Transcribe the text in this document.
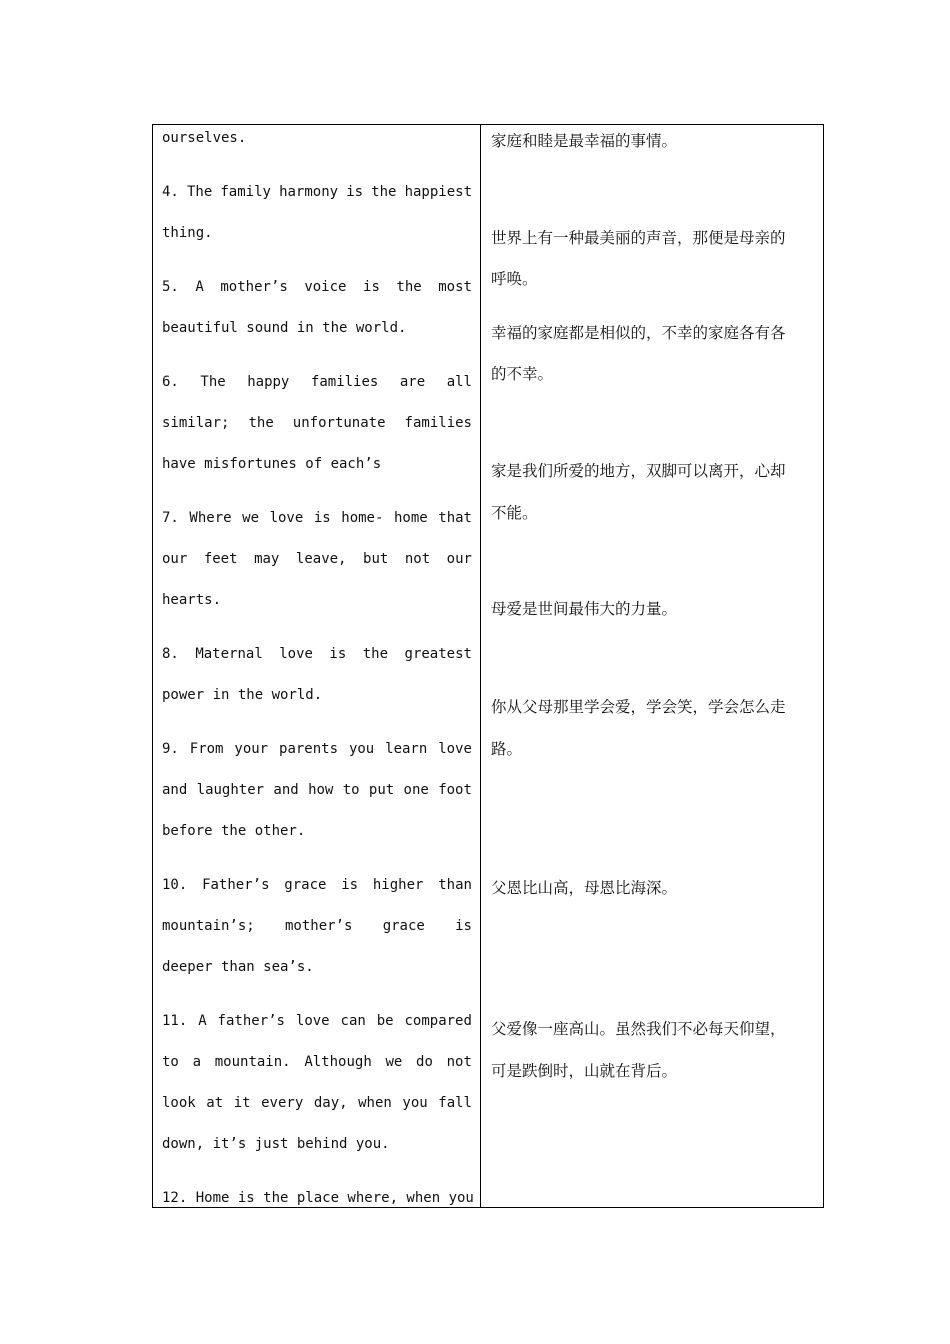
ourselves.
4. The family harmony is the happiest
thing.
5. A mother’s voice is the most
beautiful sound in the world.
6. The happy families are all
similar; the unfortunate families
have misfortunes of each’s
7. Where we love is home- home that
our feet may leave, but not our
hearts.
8. Maternal love is the greatest
power in the world.
9. From your parents you learn love
and laughter and how to put one foot
before the other.
10. Father’s grace is higher than
mountain’s; mother’s grace is
deeper than sea’s.
11. A father’s love can be compared
to a mountain. Although we do not
look at it every day, when you fall
down, it’s just behind you.
12. Home is the place where, when you
家庭和睦是最幸福的事情。
世界上有一种最美丽的声音，那便是母亲的
呼唤。
幸福的家庭都是相似的，不幸的家庭各有各
的不幸。
家是我们所爱的地方，双脚可以离开，心却
不能。
母爱是世间最伟大的力量。
你从父母那里学会爱，学会笑，学会怎么走
路。
父恩比山高，母恩比海深。
父爱像一座高山。虽然我们不必每天仰望，
可是跌倒时，山就在背后。
